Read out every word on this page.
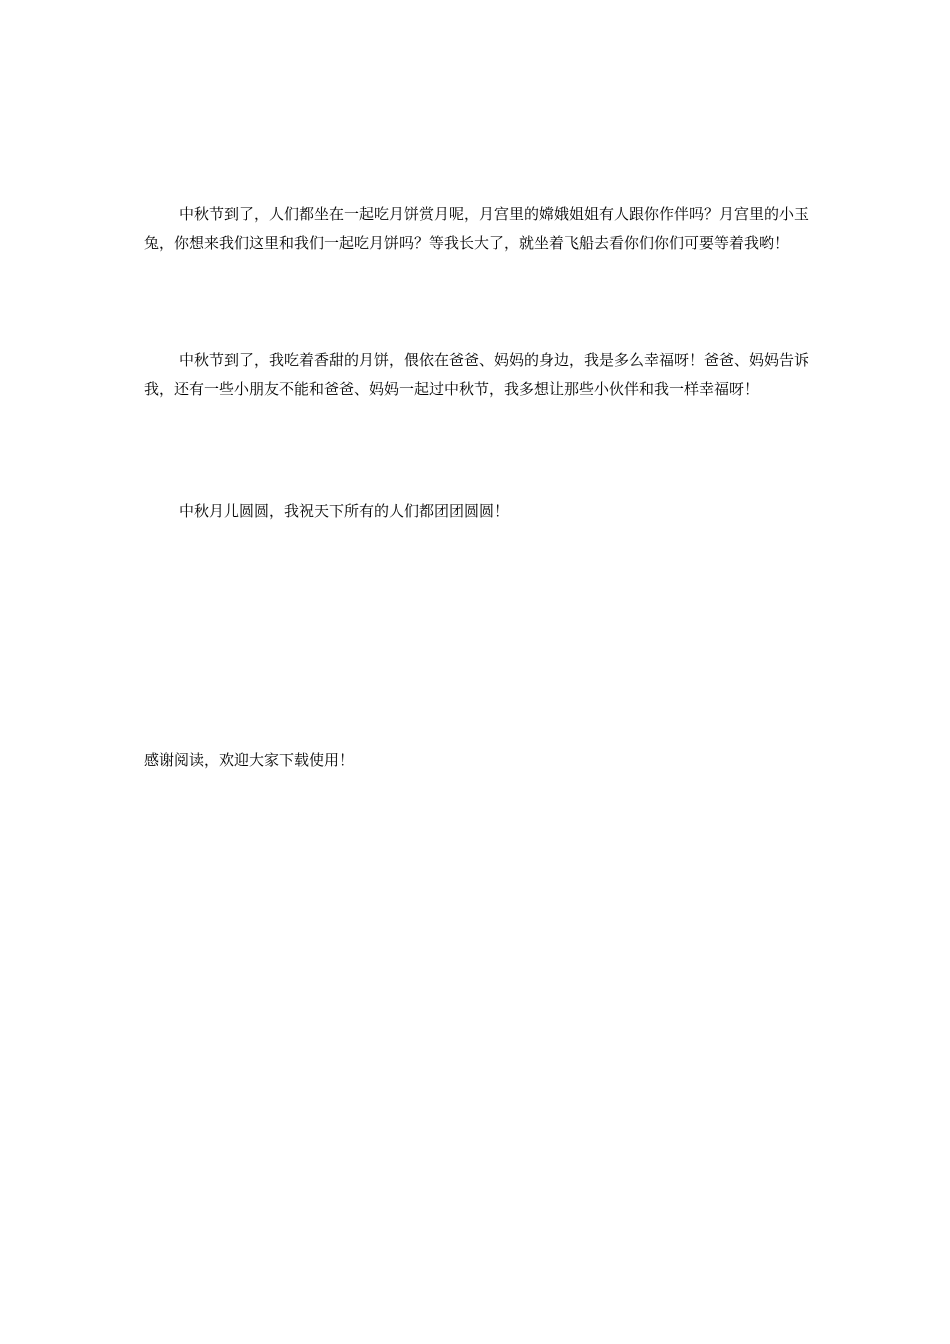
中秋节到了，人们都坐在一起吃月饼赏月呢，月宫里的嫦娥姐姐有人跟你作伴吗？月宫里的小玉兔，你想来我们这里和我们一起吃月饼吗？等我长大了，就坐着飞船去看你们你们可要等着我哟！

中秋节到了，我吃着香甜的月饼，偎依在爸爸、妈妈的身边，我是多么幸福呀！爸爸、妈妈告诉我，还有一些小朋友不能和爸爸、妈妈一起过中秋节，我多想让那些小伙伴和我一样幸福呀！

中秋月儿圆圆，我祝天下所有的人们都团团圆圆！

感谢阅读，欢迎大家下载使用！
